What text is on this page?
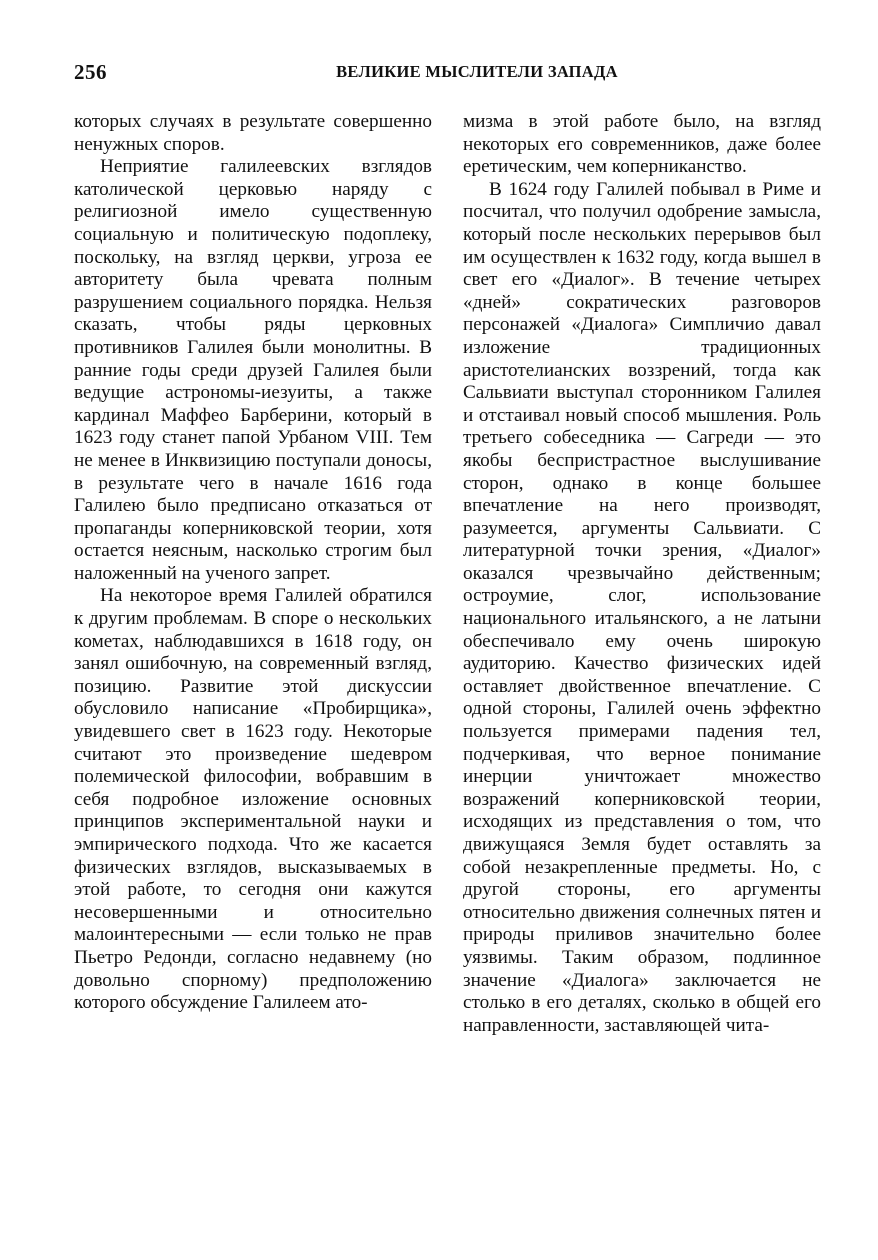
256	ВЕЛИКИЕ МЫСЛИТЕЛИ ЗАПАДА

которых случаях в результате совершенно ненужных споров.

Неприятие галилеевских взглядов католической церковью наряду с религиозной имело существенную социальную и политическую подоплеку, поскольку, на взгляд церкви, угроза ее авторитету была чревата полным разрушением социального порядка. Нельзя сказать, чтобы ряды церковных противников Галилея были монолитны. В ранние годы среди друзей Галилея были ведущие астрономы-иезуиты, а также кардинал Маффео Барберини, который в 1623 году станет папой Урбаном VIII. Тем не менее в Инквизицию поступали доносы, в результате чего в начале 1616 года Галилею было предписано отказаться от пропаганды коперниковской теории, хотя остается неясным, насколько строгим был наложенный на ученого запрет.

На некоторое время Галилей обратился к другим проблемам. В споре о нескольких кометах, наблюдавшихся в 1618 году, он занял ошибочную, на современный взгляд, позицию. Развитие этой дискуссии обусловило написание «Пробирщика», увидевшего свет в 1623 году. Некоторые считают это произведение шедевром полемической философии, вобравшим в себя подробное изложение основных принципов экспериментальной науки и эмпирического подхода. Что же касается физических взглядов, высказываемых в этой работе, то сегодня они кажутся несовершенными и относительно малоинтересными — если только не прав Пьетро Редонди, согласно недавнему (но довольно спорному) предположению которого обсуждение Галилеем ато-

мизма в этой работе было, на взгляд некоторых его современников, даже более еретическим, чем коперниканство.

В 1624 году Галилей побывал в Риме и посчитал, что получил одобрение замысла, который после нескольких перерывов был им осуществлен к 1632 году, когда вышел в свет его «Диалог». В течение четырех «дней» сократических разговоров персонажей «Диалога» Симпличио давал изложение традиционных аристотелианских воззрений, тогда как Сальвиати выступал сторонником Галилея и отстаивал новый способ мышления. Роль третьего собеседника — Сагреди — это якобы беспристрастное выслушивание сторон, однако в конце большее впечатление на него производят, разумеется, аргументы Сальвиати. С литературной точки зрения, «Диалог» оказался чрезвычайно действенным; остроумие, слог, использование национального итальянского, а не латыни обеспечивало ему очень широкую аудиторию. Качество физических идей оставляет двойственное впечатление. С одной стороны, Галилей очень эффектно пользуется примерами падения тел, подчеркивая, что верное понимание инерции уничтожает множество возражений коперниковской теории, исходящих из представления о том, что движущаяся Земля будет оставлять за собой незакрепленные предметы. Но, с другой стороны, его аргументы относительно движения солнечных пятен и природы приливов значительно более уязвимы. Таким образом, подлинное значение «Диалога» заключается не столько в его деталях, сколько в общей его направленности, заставляющей чита-
